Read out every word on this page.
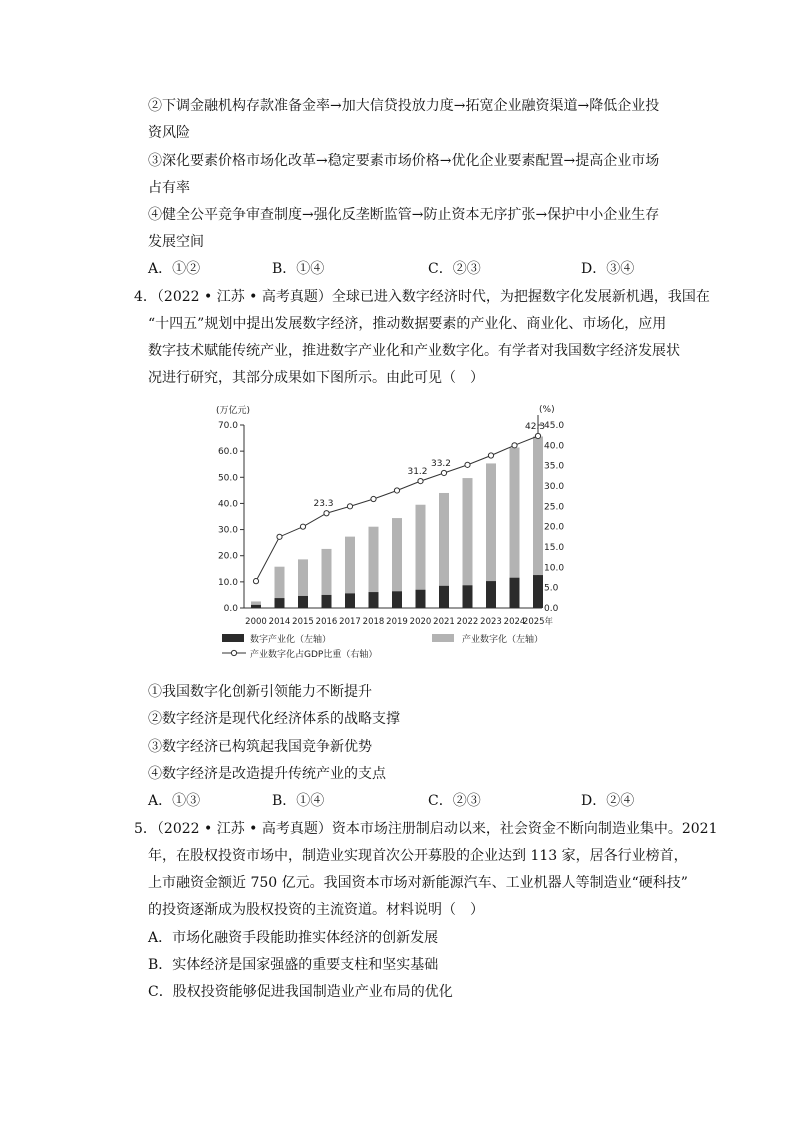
②下调金融机构存款准备金率→加大信贷投放力度→拓宽企业融资渠道→降低企业投
资风险
③深化要素价格市场化改革→稳定要素市场价格→优化企业要素配置→提高企业市场
占有率
④健全公平竞争审查制度→强化反垄断监管→防止资本无序扩张→保护中小企业生存
发展空间
A．①②	B．①④	C．②③	D．③④
4．（2022 • 江苏 • 高考真题）全球已进入数字经济时代，为把握数字化发展新机遇，我国在
“十四五”规划中提出发展数字经济，推动数据要素的产业化、商业化、市场化，应用
数字技术赋能传统产业，推进数字产业化和产业数字化。有学者对我国数字经济发展状
况进行研究，其部分成果如下图所示。由此可见（　）
(万亿元)	(%)
数字产业化（左轴）	产业数字化（左轴）
产业数字化占GDP比重（右轴）
0.0
10.0
20.0
30.0
40.0
50.0
60.0
70.0
0.0
5.0
10.0
15.0
20.0
25.0
30.0
35.0
40.0
45.0
2000 2014 2015 2016 2017 2018 2019 2020 2021 2022 2023 2024
2025年
23.3
31.2
33.2
42.3
①我国数字化创新引领能力不断提升
②数字经济是现代化经济体系的战略支撑
③数字经济已构筑起我国竞争新优势
④数字经济是改造提升传统产业的支点
A．①③	B．①④	C．②③	D．②④
5．（2022 • 江苏 • 高考真题）资本市场注册制启动以来，社会资金不断向制造业集中。2021
年，在股权投资市场中，制造业实现首次公开募股的企业达到 113 家，居各行业榜首，
上市融资金额近 750 亿元。我国资本市场对新能源汽车、工业机器人等制造业“硬科技”
的投资逐渐成为股权投资的主流资道。材料说明（　）
A．市场化融资手段能助推实体经济的创新发展
B．实体经济是国家强盛的重要支柱和坚实基础
C．股权投资能够促进我国制造业产业布局的优化
